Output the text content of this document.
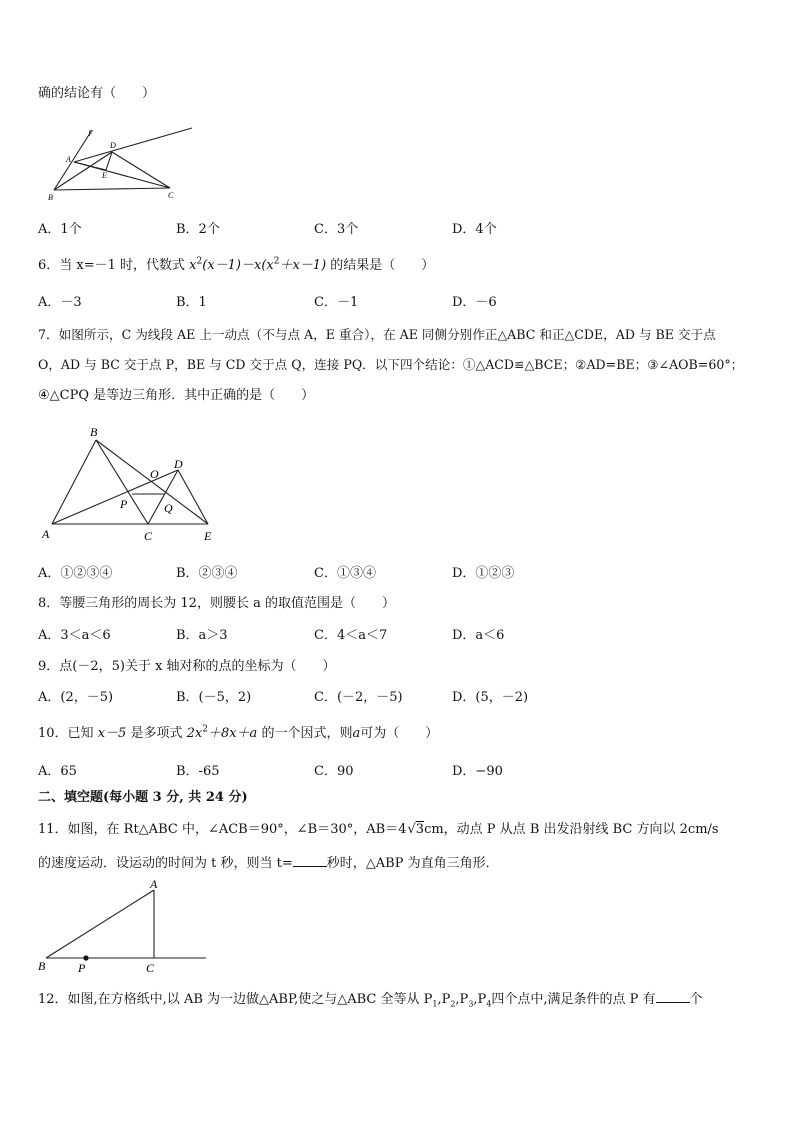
确的结论有（　　）
F
D
A
E
B	C
A．1个	B．2个	C．3个	D．4个
6．当 x=－1 时，代数式 $x^2(x-1)-x(x^2+x-1)$ 的结果是（　　）
A．－3	B．1	C．－1	D．－6
7．如图所示，C 为线段 AE 上一动点（不与点 A，E 重合），在 AE 同侧分别作正△ABC 和正△CDE，AD 与 BE 交于点
O，AD 与 BC 交于点 P，BE 与 CD 交于点 Q，连接 PQ．以下四个结论：①△ACD≌△BCE；②AD=BE；③∠AOB=60°；
④△CPQ 是等边三角形．其中正确的是（　　）
B
O
D
P	Q
A	C	E
A．①②③④	B．②③④	C．①③④	D．①②③
8．等腰三角形的周长为 12，则腰长 a 的取值范围是（　　）
A．3＜a＜6	B．a＞3	C．4＜a＜7	D．a＜6
9．点(－2，5)关于 x 轴对称的点的坐标为（　　）
A．(2，－5)	B．(－5，2)	C．(－2，－5)	D．(5，－2)
10．已知 x－5 是多项式 $2x^2+8x+a$ 的一个因式，则a可为（　　）
A．65	B．-65	C．90	D．−90
二、填空题(每小题 3 分, 共 24 分)
11．如图，在 Rt△ABC 中，∠ACB＝90°，∠B＝30°，AB＝4√3cm，动点 P 从点 B 出发沿射线 BC 方向以 2cm/s
的速度运动．设运动的时间为 t 秒，则当 t=	秒时，△ABP 为直角三角形．
A
B	P	C
12．如图,在方格纸中,以 AB 为一边做△ABP,使之与△ABC 全等从 $P_1,P_2,P_3,P_4$四个点中,满足条件的点 P 有	个
